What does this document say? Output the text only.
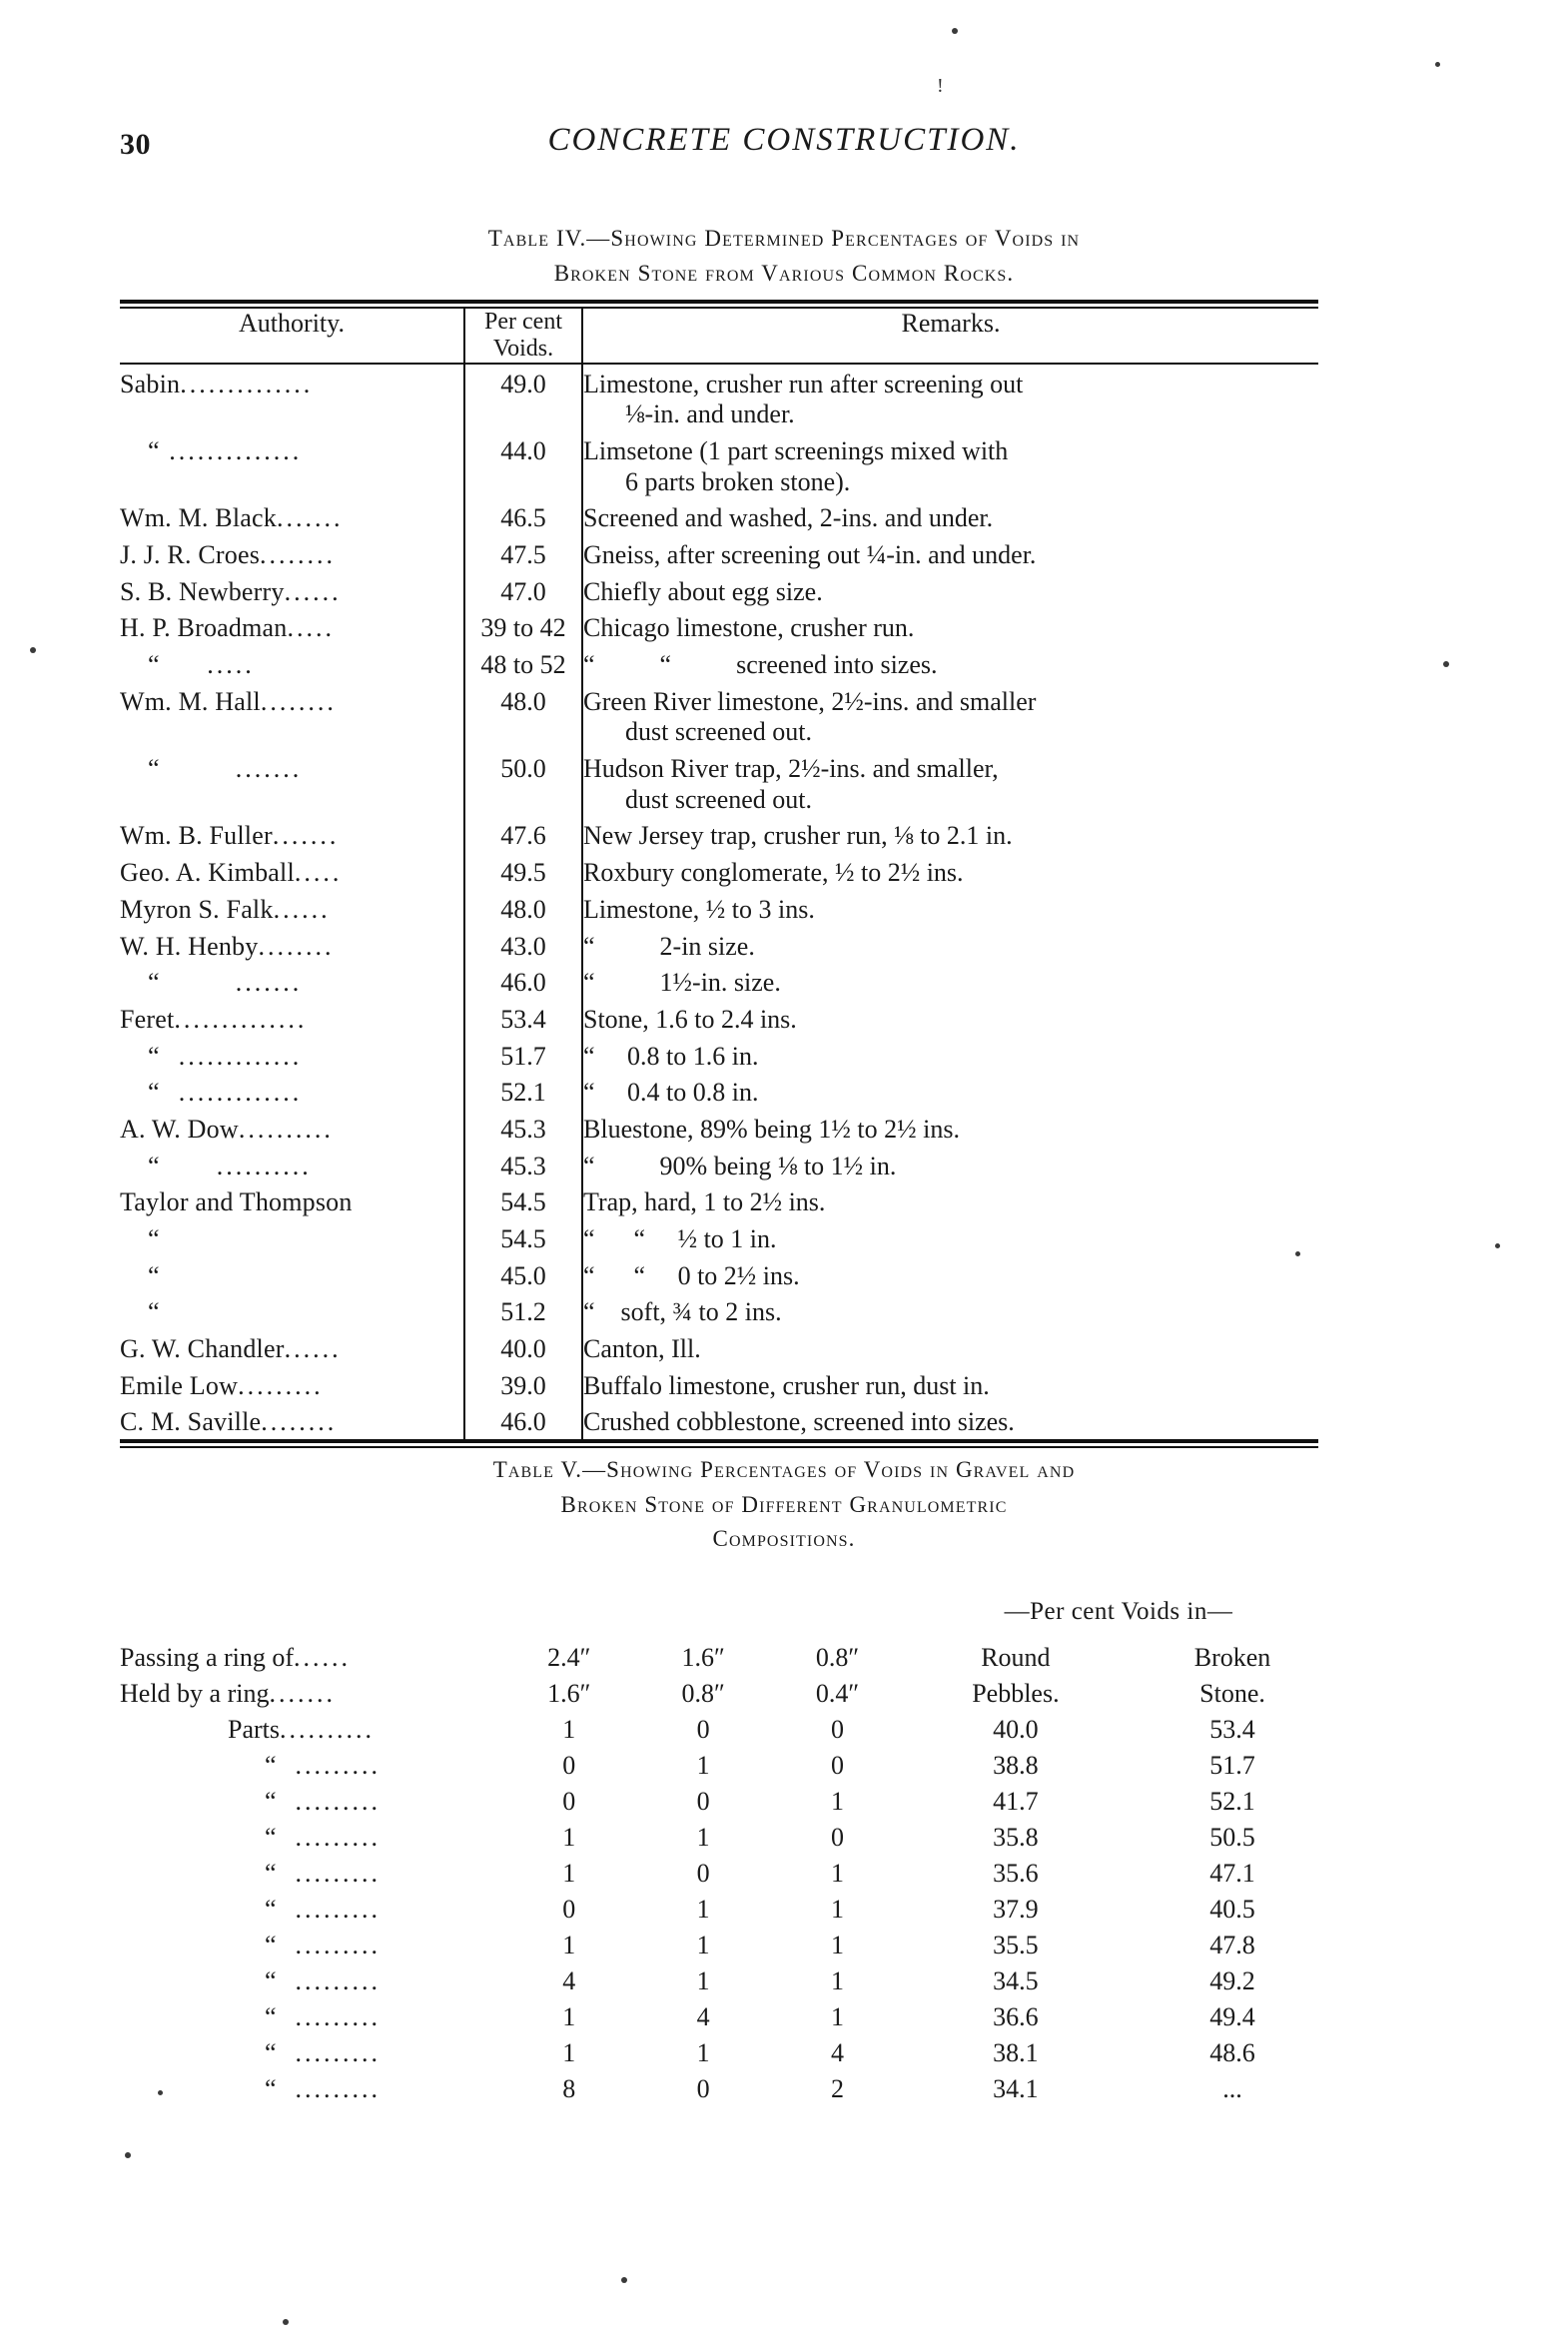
!
CONCRETE CONSTRUCTION.
30
Table IV.—Showing Determined Percentages of Voids in
Broken Stone from Various Common Rocks.
Authority.	Per cent
Voids.
	Remarks.
Sabin..............	49.0	Limestone, crusher run after screening out
⅛-in. and under.

“ ..............	44.0	Limsetone (1 part screenings mixed with
6 parts broken stone).

Wm. M. Black.......	46.5	Screened and washed, 2-ins. and under.
J. J. R. Croes........	47.5	Gneiss, after screening out ¼-in. and under.
S. B. Newberry......	47.0	Chiefly about egg size.
H. P. Broadman.....	39 to 42	Chicago limestone, crusher run.
“     .....	48 to 52	“          “          screened into sizes.
Wm. M. Hall........	48.0	Green River limestone, 2½-ins. and smaller
dust screened out.

“        .......	50.0	Hudson River trap, 2½-ins. and smaller,
dust screened out.

Wm. B. Fuller.......	47.6	New Jersey trap, crusher run, ⅛ to 2.1 in.
Geo. A. Kimball.....	49.5	Roxbury conglomerate, ½ to 2½ ins.
Myron S. Falk......	48.0	Limestone, ½ to 3 ins.
W. H. Henby........	43.0	“          2-in size.
“        .......	46.0	“          1½-in. size.
Feret..............	53.4	Stone, 1.6 to 2.4 ins.
“  .............	51.7	“     0.8 to 1.6 in.
“  .............	52.1	“     0.4 to 0.8 in.
A. W. Dow..........	45.3	Bluestone, 89% being 1½ to 2½ ins.
“      ..........	45.3	“          90% being ⅛ to 1½ in.
Taylor and Thompson	54.5	Trap, hard, 1 to 2½ ins.
“	54.5	“      “     ½ to 1 in.
“	45.0	“      “     0 to 2½ ins.
“	51.2	“    soft, ¾ to 2 ins.
G. W. Chandler......	40.0	Canton, Ill.
Emile Low.........	39.0	Buffalo limestone, crusher run, dust in.
C. M. Saville........	46.0	Crushed cobblestone, screened into sizes.
Table V.—Showing Percentages of Voids in Gravel and
Broken Stone of Different Granulometric
Compositions.
—Per cent Voids in—
Passing a ring of......	2.4″	1.6″	0.8″	Round	Broken
Held by a ring.......	1.6″	0.8″	0.4″	Pebbles.	Stone.
Parts..........	1	0	0	40.0	53.4
“  .........	0	1	0	38.8	51.7
“  .........	0	0	1	41.7	52.1
“  .........	1	1	0	35.8	50.5
“  .........	1	0	1	35.6	47.1
“  .........	0	1	1	37.9	40.5
“  .........	1	1	1	35.5	47.8
“  .........	4	1	1	34.5	49.2
“  .........	1	4	1	36.6	49.4
“  .........	1	1	4	38.1	48.6
“  .........	8	0	2	34.1	...
